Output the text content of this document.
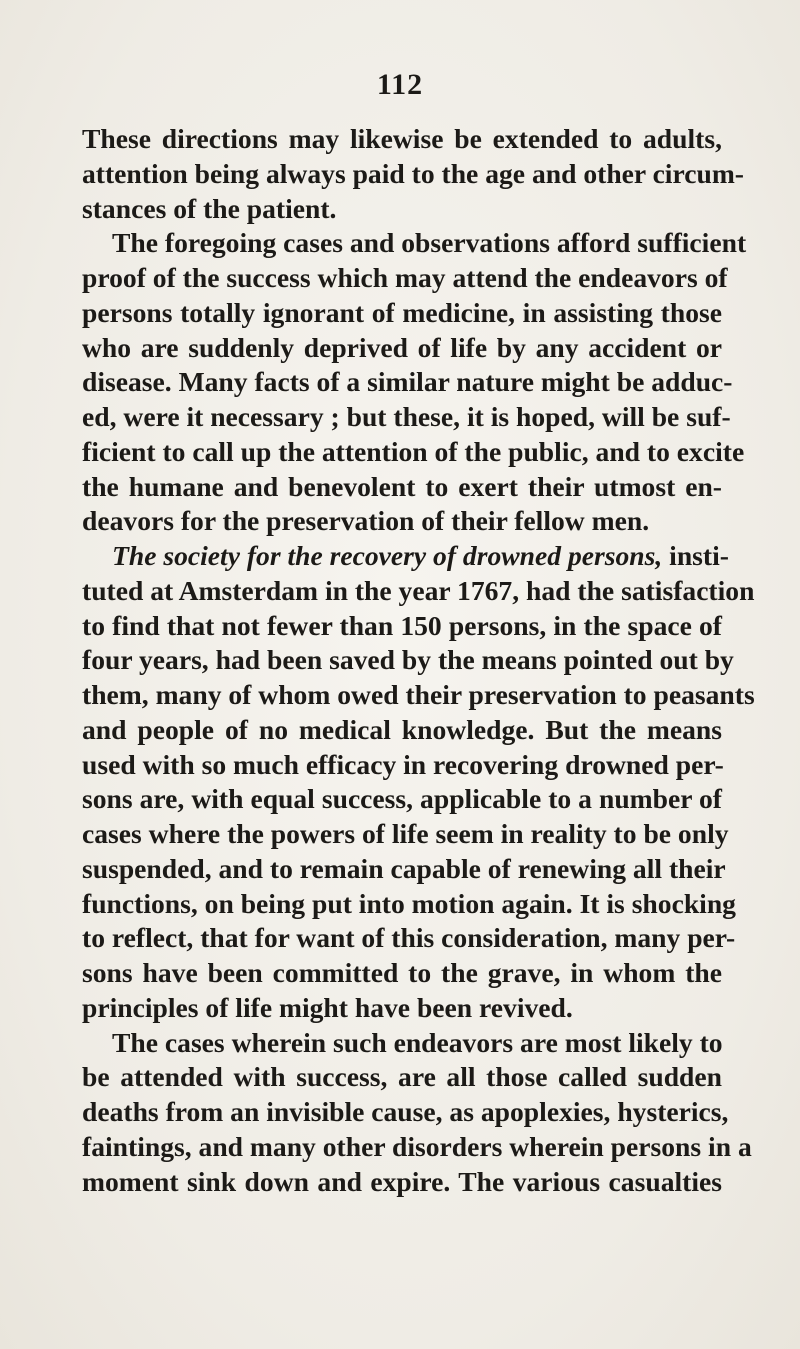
112
These directions may likewise be extended to adults,
attention being always paid to the age and other circum-
stances of the patient.
The foregoing cases and observations afford sufficient
proof of the success which may attend the endeavors of
persons totally ignorant of medicine, in assisting those
who are suddenly deprived of life by any accident or
disease. Many facts of a similar nature might be adduc-
ed, were it necessary ; but these, it is hoped, will be suf-
ficient to call up the attention of the public, and to excite
the humane and benevolent to exert their utmost en-
deavors for the preservation of their fellow men.
The society for the recovery of drowned persons, insti-
tuted at Amsterdam in the year 1767, had the satisfaction
to find that not fewer than 150 persons, in the space of
four years, had been saved by the means pointed out by
them, many of whom owed their preservation to peasants
and people of no medical knowledge. But the means
used with so much efficacy in recovering drowned per-
sons are, with equal success, applicable to a number of
cases where the powers of life seem in reality to be only
suspended, and to remain capable of renewing all their
functions, on being put into motion again. It is shocking
to reflect, that for want of this consideration, many per-
sons have been committed to the grave, in whom the
principles of life might have been revived.
The cases wherein such endeavors are most likely to
be attended with success, are all those called sudden
deaths from an invisible cause, as apoplexies, hysterics,
faintings, and many other disorders wherein persons in a
moment sink down and expire. The various casualties
